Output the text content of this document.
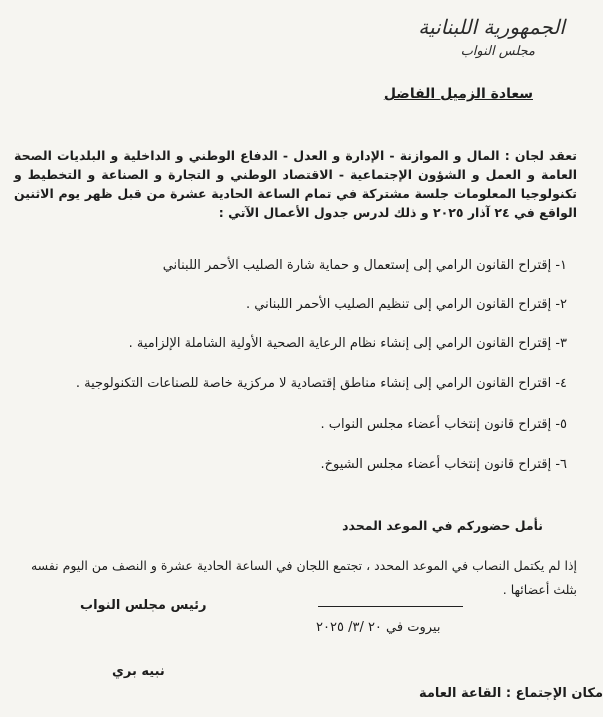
الجمهورية اللبنانية
مجلس النواب
سعادة الزميل الفاضل
تعقد لجان : المال و الموازنة - الإدارة و العدل - الدفاع الوطني و الداخلية و البلديات الصحة العامة و العمل و الشؤون الإجتماعية - الاقتصاد الوطني و التجارة و الصناعة و التخطيط و تكنولوجيا المعلومات جلسة مشتركة في تمام الساعة الحادية عشرة من قبل ظهر يوم الاثنين الواقع في ٢٤ آذار ٢٠٢٥ و ذلك لدرس جدول الأعمال الآتي :
١- إقتراح القانون الرامي إلى إستعمال و حماية شارة الصليب الأحمر اللبناني
٢- إقتراح القانون الرامي إلى تنظيم الصليب الأحمر اللبناني .
٣- إقتراح القانون الرامي إلى إنشاء نظام الرعاية الصحية الأولية الشاملة الإلزامية .
٤- اقتراح القانون الرامي إلى إنشاء مناطق إقتصادية لا مركزية خاصة للصناعات التكنولوجية .
٥- إقتراح قانون إنتخاب أعضاء مجلس النواب .
٦- إقتراح قانون إنتخاب أعضاء مجلس الشيوخ.
نأمل حضوركم في الموعد المحدد
إذا لم يكتمل النصاب في الموعد المحدد ، تجتمع اللجان في الساعة الحادية عشرة و النصف من اليوم نفسه بثلث أعضائها .
رئيس مجلس النواب
بيروت في ٢٠ /٣/ ٢٠٢٥
نبيه بري
مكان الإجتماع : القاعة العامة
